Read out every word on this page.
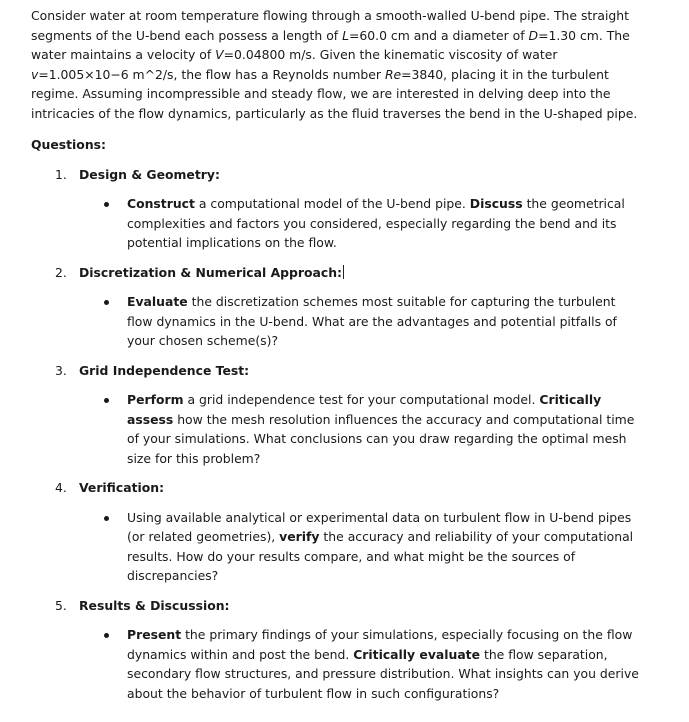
Consider water at room temperature flowing through a smooth-walled U-bend pipe. The straight segments of the U-bend each possess a length of L=60.0 cm and a diameter of D=1.30 cm. The water maintains a velocity of V=0.04800 m/s. Given the kinematic viscosity of water v=1.005×10−6 m^2/s, the flow has a Reynolds number Re=3840, placing it in the turbulent regime. Assuming incompressible and steady flow, we are interested in delving deep into the intricacies of the flow dynamics, particularly as the fluid traverses the bend in the U-shaped pipe.

Questions:

1. Design & Geometry:
Construct a computational model of the U-bend pipe. Discuss the geometrical complexities and factors you considered, especially regarding the bend and its potential implications on the flow.
2. Discretization & Numerical Approach:
Evaluate the discretization schemes most suitable for capturing the turbulent flow dynamics in the U-bend. What are the advantages and potential pitfalls of your chosen scheme(s)?
3. Grid Independence Test:
Perform a grid independence test for your computational model. Critically assess how the mesh resolution influences the accuracy and computational time of your simulations. What conclusions can you draw regarding the optimal mesh size for this problem?
4. Verification:
Using available analytical or experimental data on turbulent flow in U-bend pipes (or related geometries), verify the accuracy and reliability of your computational results. How do your results compare, and what might be the sources of discrepancies?
5. Results & Discussion:
Present the primary findings of your simulations, especially focusing on the flow dynamics within and post the bend. Critically evaluate the flow separation, secondary flow structures, and pressure distribution. What insights can you derive about the behavior of turbulent flow in such configurations?
